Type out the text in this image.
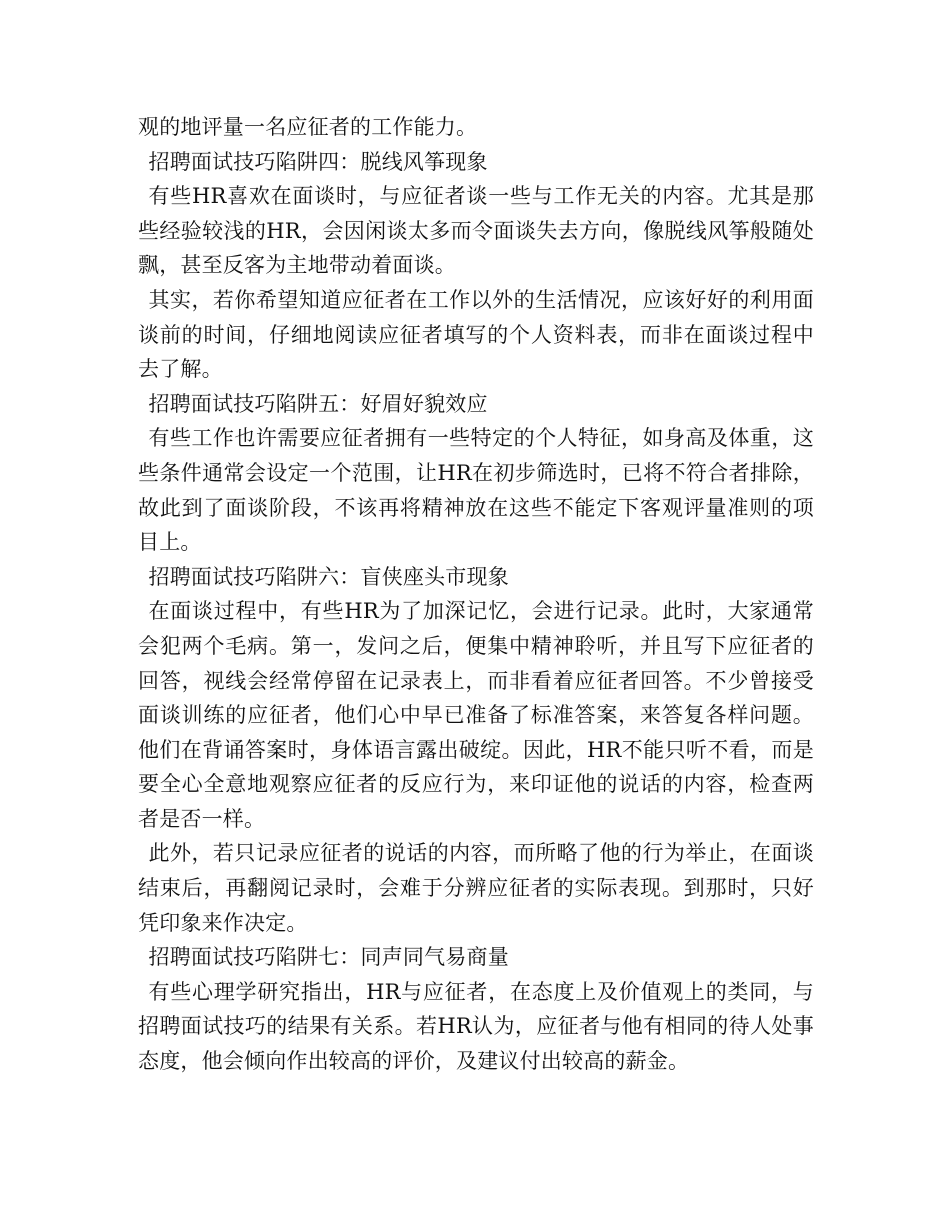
观的地评量一名应征者的工作能力。

招聘面试技巧陷阱四：脱线风筝现象

有些HR喜欢在面谈时，与应征者谈一些与工作无关的内容。尤其是那些经验较浅的HR，会因闲谈太多而令面谈失去方向，像脱线风筝般随处飘，甚至反客为主地带动着面谈。

其实，若你希望知道应征者在工作以外的生活情况，应该好好的利用面谈前的时间，仔细地阅读应征者填写的个人资料表，而非在面谈过程中去了解。

招聘面试技巧陷阱五：好眉好貌效应

有些工作也许需要应征者拥有一些特定的个人特征，如身高及体重，这些条件通常会设定一个范围，让HR在初步筛选时，已将不符合者排除，故此到了面谈阶段，不该再将精神放在这些不能定下客观评量准则的项目上。

招聘面试技巧陷阱六：盲侠座头市现象

在面谈过程中，有些HR为了加深记忆，会进行记录。此时，大家通常会犯两个毛病。第一，发问之后，便集中精神聆听，并且写下应征者的回答，视线会经常停留在记录表上，而非看着应征者回答。不少曾接受面谈训练的应征者，他们心中早已准备了标准答案，来答复各样问题。他们在背诵答案时，身体语言露出破绽。因此，HR不能只听不看，而是要全心全意地观察应征者的反应行为，来印证他的说话的内容，检查两者是否一样。

此外，若只记录应征者的说话的内容，而所略了他的行为举止，在面谈结束后，再翻阅记录时，会难于分辨应征者的实际表现。到那时，只好凭印象来作决定。

招聘面试技巧陷阱七：同声同气易商量

有些心理学研究指出，HR与应征者，在态度上及价值观上的类同，与招聘面试技巧的结果有关系。若HR认为，应征者与他有相同的待人处事态度，他会倾向作出较高的评价，及建议付出较高的薪金。
